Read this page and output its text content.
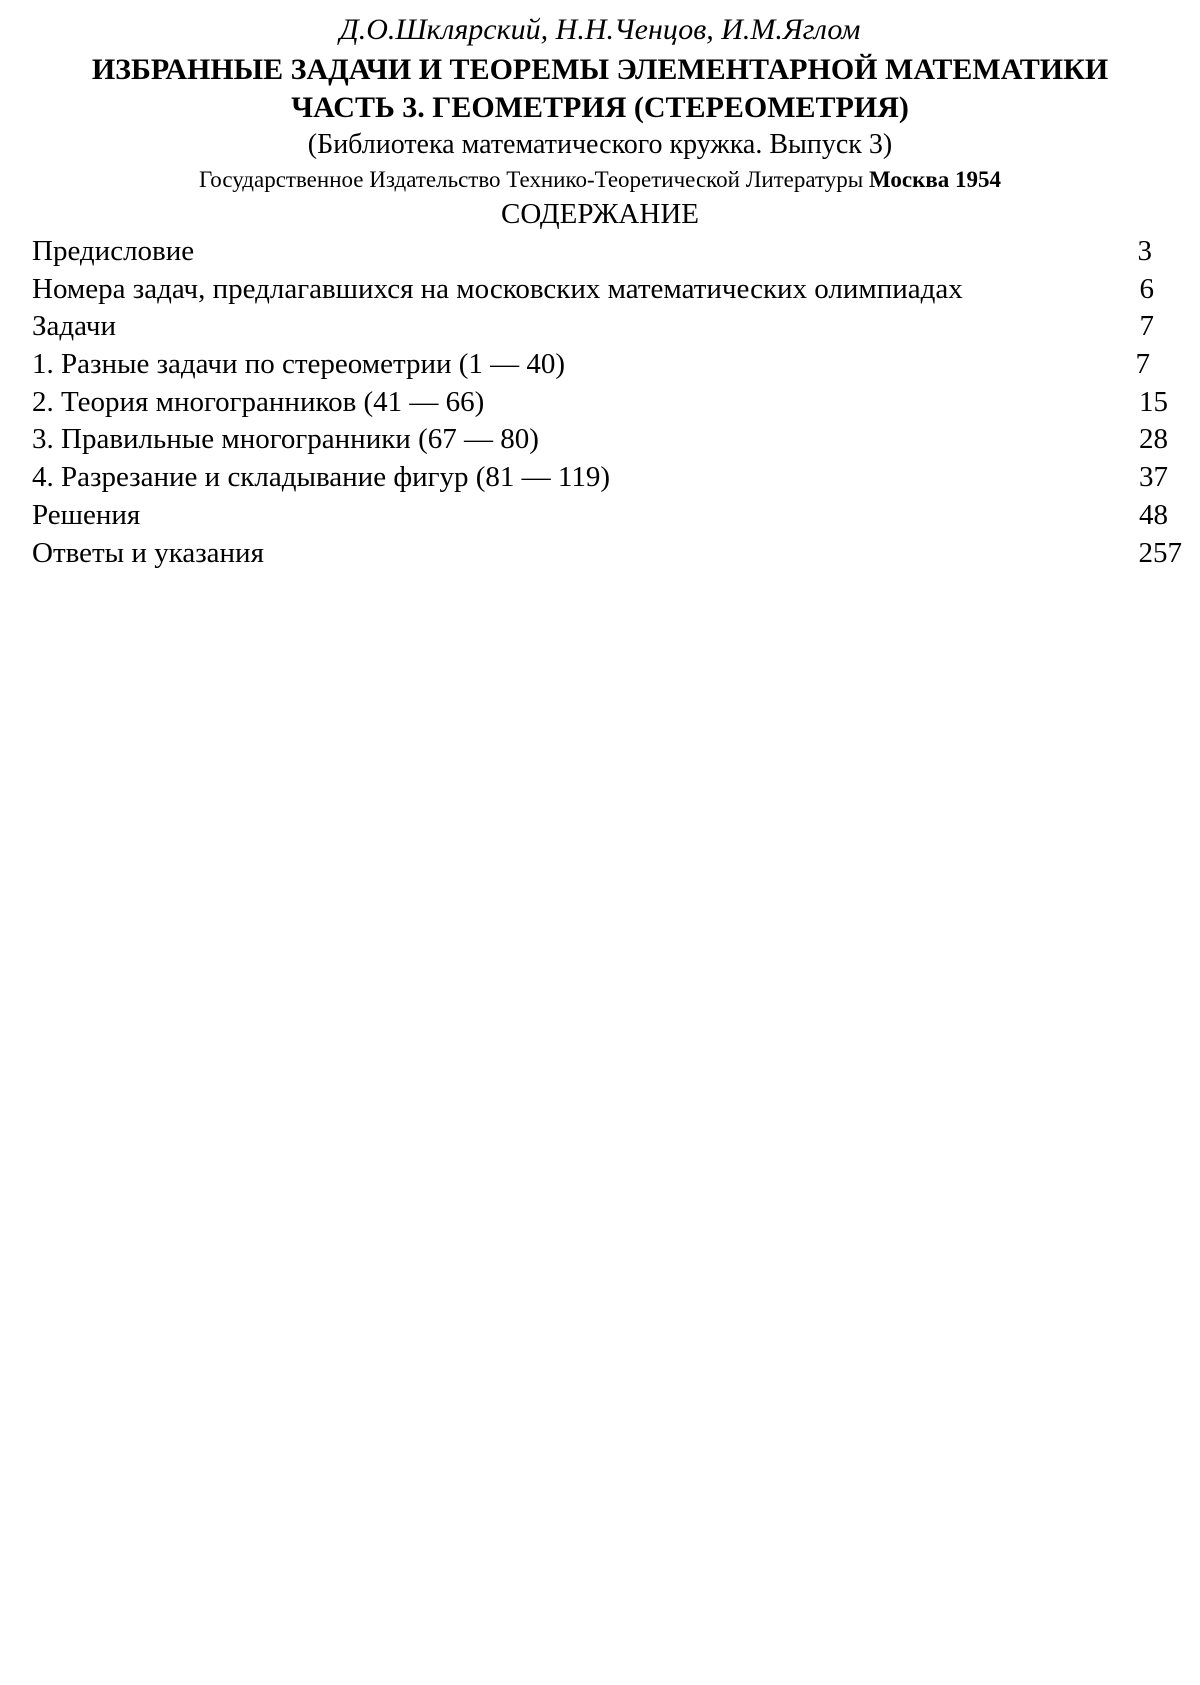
Д.О.Шклярский, Н.Н.Ченцов, И.М.Яглом
ИЗБРАННЫЕ ЗАДАЧИ И ТЕОРЕМЫ ЭЛЕМЕНТАРНОЙ МАТЕМАТИКИ
ЧАСТЬ 3. ГЕОМЕТРИЯ (СТЕРЕОМЕТРИЯ)
(Библиотека математического кружка. Выпуск 3)
Государственное Издательство Технико-Теоретической Литературы Москва 1954
СОДЕРЖАНИЕ
Предисловие	3
Номера задач, предлагавшихся на московских математических олимпиадах	6
Задачи	7
1. Разные задачи по стереометрии (1 — 40)	7
2. Теория многогранников (41 — 66)	15
3. Правильные многогранники (67 — 80)	28
4. Разрезание и складывание фигур (81 — 119)	37
Решения	48
Ответы и указания	257
